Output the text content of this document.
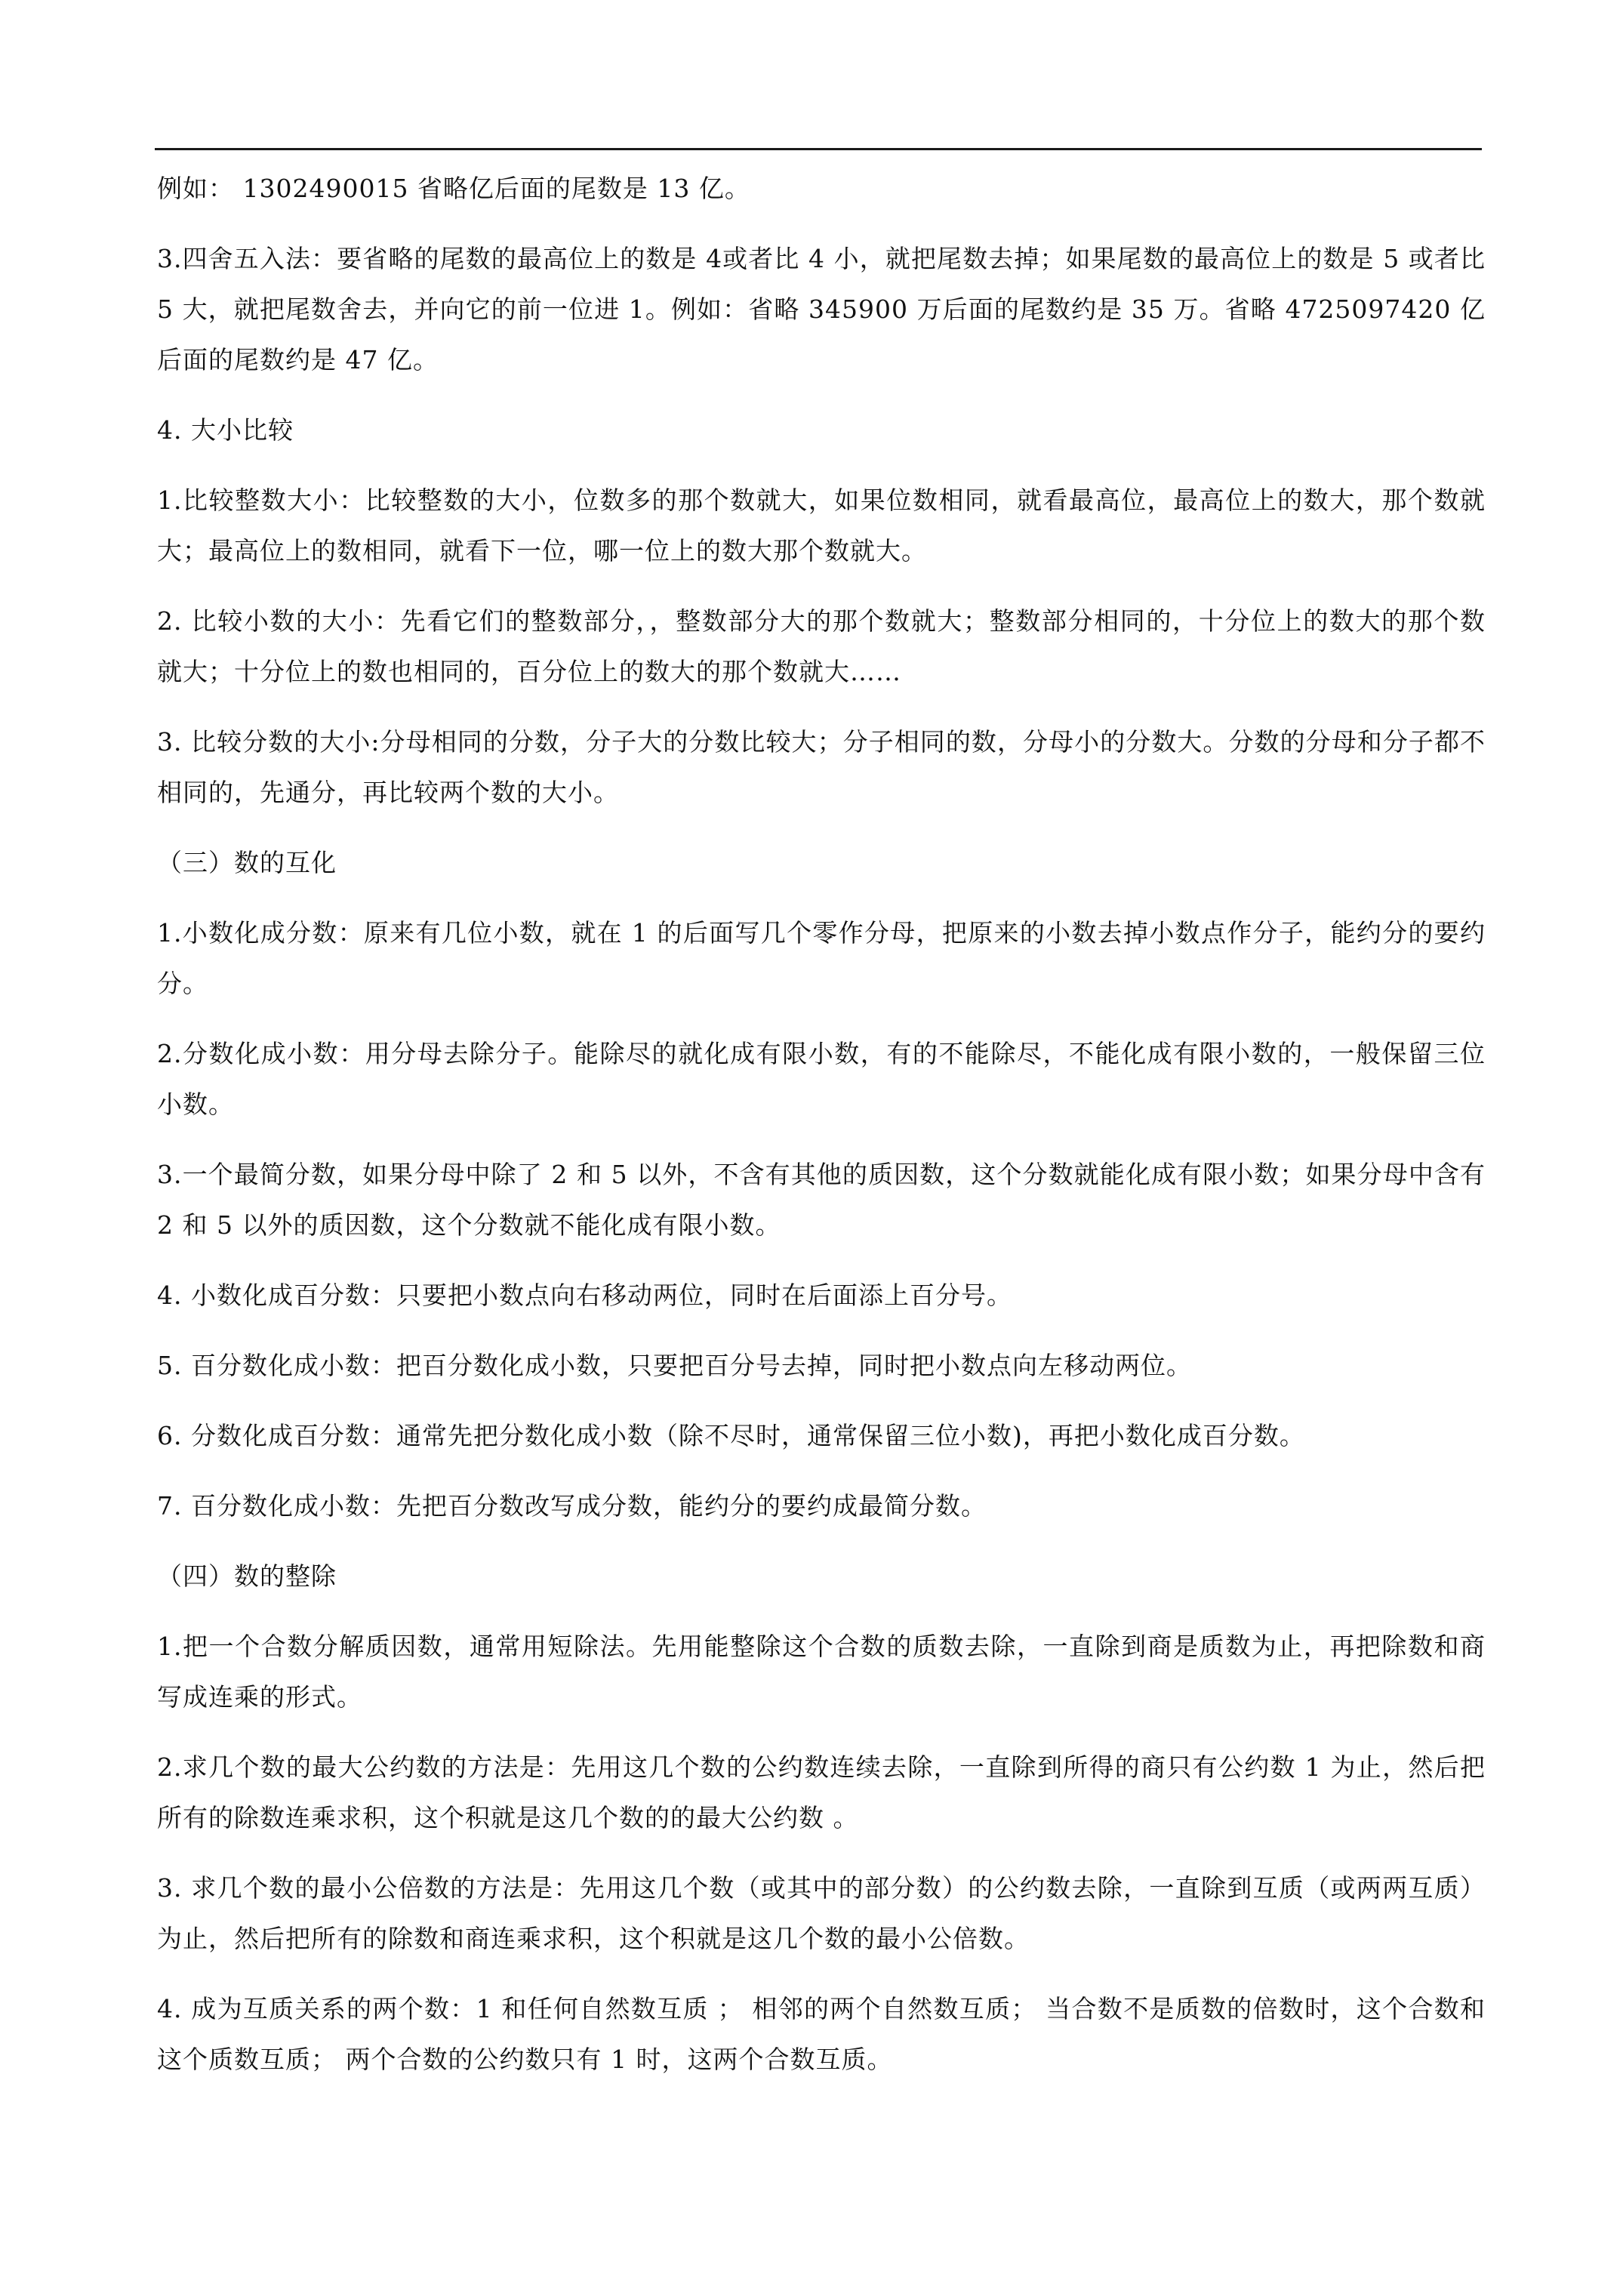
例如： 1302490015 省略亿后面的尾数是 13 亿。

3.四舍五入法：要省略的尾数的最高位上的数是 4或者比 4 小，就把尾数去掉；如果尾数的最高位上的数是 5 或者比 5 大，就把尾数舍去，并向它的前一位进 1。例如：省略 345900 万后面的尾数约是 35 万。省略 4725097420 亿后面的尾数约是 47 亿。

4. 大小比较

1.比较整数大小：比较整数的大小，位数多的那个数就大，如果位数相同，就看最高位，最高位上的数大，那个数就大；最高位上的数相同，就看下一位，哪一位上的数大那个数就大。

2. 比较小数的大小：先看它们的整数部分，，整数部分大的那个数就大；整数部分相同的，十分位上的数大的那个数就大；十分位上的数也相同的，百分位上的数大的那个数就大……

3. 比较分数的大小:分母相同的分数，分子大的分数比较大；分子相同的数，分母小的分数大。分数的分母和分子都不相同的，先通分，再比较两个数的大小。

（三）数的互化

1.小数化成分数：原来有几位小数，就在 1 的后面写几个零作分母，把原来的小数去掉小数点作分子，能约分的要约分。

2.分数化成小数：用分母去除分子。能除尽的就化成有限小数，有的不能除尽，不能化成有限小数的，一般保留三位小数。

3.一个最简分数，如果分母中除了 2 和 5 以外，不含有其他的质因数，这个分数就能化成有限小数；如果分母中含有 2 和 5 以外的质因数，这个分数就不能化成有限小数。

4. 小数化成百分数：只要把小数点向右移动两位，同时在后面添上百分号。

5. 百分数化成小数：把百分数化成小数，只要把百分号去掉，同时把小数点向左移动两位。

6. 分数化成百分数：通常先把分数化成小数（除不尽时，通常保留三位小数)，再把小数化成百分数。

7. 百分数化成小数：先把百分数改写成分数，能约分的要约成最简分数。

（四）数的整除

1.把一个合数分解质因数，通常用短除法。先用能整除这个合数的质数去除，一直除到商是质数为止，再把除数和商写成连乘的形式。

2.求几个数的最大公约数的方法是：先用这几个数的公约数连续去除，一直除到所得的商只有公约数 1 为止，然后把所有的除数连乘求积，这个积就是这几个数的的最大公约数 。

3. 求几个数的最小公倍数的方法是：先用这几个数（或其中的部分数）的公约数去除，一直除到互质（或两两互质）为止，然后把所有的除数和商连乘求积，这个积就是这几个数的最小公倍数。

4. 成为互质关系的两个数：1 和任何自然数互质 ； 相邻的两个自然数互质； 当合数不是质数的倍数时，这个合数和这个质数互质； 两个合数的公约数只有 1 时，这两个合数互质。
